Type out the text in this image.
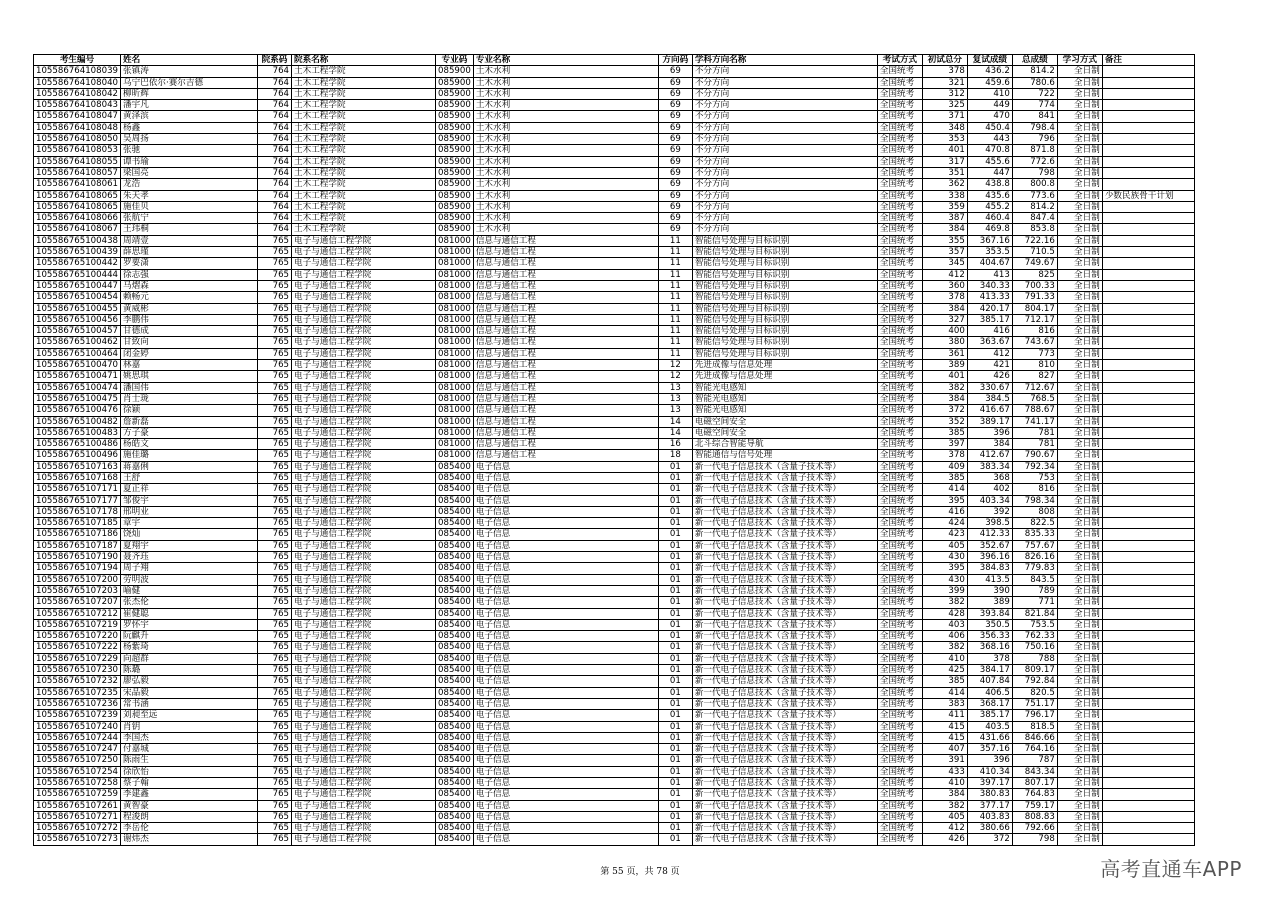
考生编号	姓名	院系码	院系名称	专业码	专业名称	方向码	学科方向名称	考试方式	初试总分	复试成绩	总成绩	学习方式	备注
105586764108039	张镇涛	764	土木工程学院	085900	土木水利	69	不分方向	全国统考	378	436.2	814.2	全日制	
105586764108040	乌宁巴依尔·赛尔吉德	764	土木工程学院	085900	土木水利	69	不分方向	全国统考	321	459.6	780.6	全日制	
105586764108042	柳昕辉	764	土木工程学院	085900	土木水利	69	不分方向	全国统考	312	410	722	全日制	
105586764108043	潘宇凡	764	土木工程学院	085900	土木水利	69	不分方向	全国统考	325	449	774	全日制	
105586764108047	黄泽滨	764	土木工程学院	085900	土木水利	69	不分方向	全国统考	371	470	841	全日制	
105586764108048	杨鑫	764	土木工程学院	085900	土木水利	69	不分方向	全国统考	348	450.4	798.4	全日制	
105586764108050	吴周扬	764	土木工程学院	085900	土木水利	69	不分方向	全国统考	353	443	796	全日制	
105586764108053	张驰	764	土木工程学院	085900	土木水利	69	不分方向	全国统考	401	470.8	871.8	全日制	
105586764108055	谭书瑜	764	土木工程学院	085900	土木水利	69	不分方向	全国统考	317	455.6	772.6	全日制	
105586764108057	梁国亮	764	土木工程学院	085900	土木水利	69	不分方向	全国统考	351	447	798	全日制	
105586764108061	龙浩	764	土木工程学院	085900	土木水利	69	不分方向	全国统考	362	438.8	800.8	全日制	
105586764108065	朱天孝	764	土木工程学院	085900	土木水利	69	不分方向	全国统考	338	435.6	773.6	全日制	少数民族骨干计划
105586764108065	施佳贝	764	土木工程学院	085900	土木水利	69	不分方向	全国统考	359	455.2	814.2	全日制	
105586764108066	张航宁	764	土木工程学院	085900	土木水利	69	不分方向	全国统考	387	460.4	847.4	全日制	
105586764108067	王玮桐	764	土木工程学院	085900	土木水利	69	不分方向	全国统考	384	469.8	853.8	全日制	
105586765100438	周靖壹	765	电子与通信工程学院	081000	信息与通信工程	11	智能信号处理与目标识别	全国统考	355	367.16	722.16	全日制	
105586765100439	薛思瑾	765	电子与通信工程学院	081000	信息与通信工程	11	智能信号处理与目标识别	全国统考	357	353.5	710.5	全日制	
105586765100442	罗要潇	765	电子与通信工程学院	081000	信息与通信工程	11	智能信号处理与目标识别	全国统考	345	404.67	749.67	全日制	
105586765100444	徐志强	765	电子与通信工程学院	081000	信息与通信工程	11	智能信号处理与目标识别	全国统考	412	413	825	全日制	
105586765100447	马熠森	765	电子与通信工程学院	081000	信息与通信工程	11	智能信号处理与目标识别	全国统考	360	340.33	700.33	全日制	
105586765100454	赖畅元	765	电子与通信工程学院	081000	信息与通信工程	11	智能信号处理与目标识别	全国统考	378	413.33	791.33	全日制	
105586765100455	黄威彬	765	电子与通信工程学院	081000	信息与通信工程	11	智能信号处理与目标识别	全国统考	384	420.17	804.17	全日制	
105586765100456	李鹏伟	765	电子与通信工程学院	081000	信息与通信工程	11	智能信号处理与目标识别	全国统考	327	385.17	712.17	全日制	
105586765100457	甘德成	765	电子与通信工程学院	081000	信息与通信工程	11	智能信号处理与目标识别	全国统考	400	416	816	全日制	
105586765100462	甘致向	765	电子与通信工程学院	081000	信息与通信工程	11	智能信号处理与目标识别	全国统考	380	363.67	743.67	全日制	
105586765100464	闭金婷	765	电子与通信工程学院	081000	信息与通信工程	11	智能信号处理与目标识别	全国统考	361	412	773	全日制	
105586765100470	林嘉	765	电子与通信工程学院	081000	信息与通信工程	12	先进成像与信息处理	全国统考	389	421	810	全日制	
105586765100471	姚思琪	765	电子与通信工程学院	081000	信息与通信工程	12	先进成像与信息处理	全国统考	401	426	827	全日制	
105586765100474	潘国伟	765	电子与通信工程学院	081000	信息与通信工程	13	智能光电感知	全国统考	382	330.67	712.67	全日制	
105586765100475	肖士珑	765	电子与通信工程学院	081000	信息与通信工程	13	智能光电感知	全国统考	384	384.5	768.5	全日制	
105586765100476	徐颖	765	电子与通信工程学院	081000	信息与通信工程	13	智能光电感知	全国统考	372	416.67	788.67	全日制	
105586765100482	詹新磊	765	电子与通信工程学院	081000	信息与通信工程	14	电磁空间安全	全国统考	352	389.17	741.17	全日制	
105586765100483	方子豪	765	电子与通信工程学院	081000	信息与通信工程	14	电磁空间安全	全国统考	385	396	781	全日制	
105586765100486	杨皓文	765	电子与通信工程学院	081000	信息与通信工程	16	北斗综合智能导航	全国统考	397	384	781	全日制	
105586765100496	施佳璐	765	电子与通信工程学院	081000	信息与通信工程	18	智能通信与信号处理	全国统考	378	412.67	790.67	全日制	
105586765107163	蒋嘉俐	765	电子与通信工程学院	085400	电子信息	01	新一代电子信息技术（含量子技术等）	全国统考	409	383.34	792.34	全日制	
105586765107168	王舒	765	电子与通信工程学院	085400	电子信息	01	新一代电子信息技术（含量子技术等）	全国统考	385	368	753	全日制	
105586765107171	夏正祥	765	电子与通信工程学院	085400	电子信息	01	新一代电子信息技术（含量子技术等）	全国统考	414	402	816	全日制	
105586765107177	邹俊宇	765	电子与通信工程学院	085400	电子信息	01	新一代电子信息技术（含量子技术等）	全国统考	395	403.34	798.34	全日制	
105586765107178	邢明业	765	电子与通信工程学院	085400	电子信息	01	新一代电子信息技术（含量子技术等）	全国统考	416	392	808	全日制	
105586765107185	章宇	765	电子与通信工程学院	085400	电子信息	01	新一代电子信息技术（含量子技术等）	全国统考	424	398.5	822.5	全日制	
105586765107186	饶灿	765	电子与通信工程学院	085400	电子信息	01	新一代电子信息技术（含量子技术等）	全国统考	423	412.33	835.33	全日制	
105586765107187	夏翔宇	765	电子与通信工程学院	085400	电子信息	01	新一代电子信息技术（含量子技术等）	全国统考	405	352.67	757.67	全日制	
105586765107190	聂齐珏	765	电子与通信工程学院	085400	电子信息	01	新一代电子信息技术（含量子技术等）	全国统考	430	396.16	826.16	全日制	
105586765107194	周子翔	765	电子与通信工程学院	085400	电子信息	01	新一代电子信息技术（含量子技术等）	全国统考	395	384.83	779.83	全日制	
105586765107200	劳明波	765	电子与通信工程学院	085400	电子信息	01	新一代电子信息技术（含量子技术等）	全国统考	430	413.5	843.5	全日制	
105586765107203	喻健	765	电子与通信工程学院	085400	电子信息	01	新一代电子信息技术（含量子技术等）	全国统考	399	390	789	全日制	
105586765107207	张杰伦	765	电子与通信工程学院	085400	电子信息	01	新一代电子信息技术（含量子技术等）	全国统考	382	389	771	全日制	
105586765107212	崔健聪	765	电子与通信工程学院	085400	电子信息	01	新一代电子信息技术（含量子技术等）	全国统考	428	393.84	821.84	全日制	
105586765107219	罗怀宇	765	电子与通信工程学院	085400	电子信息	01	新一代电子信息技术（含量子技术等）	全国统考	403	350.5	753.5	全日制	
105586765107220	阮麒升	765	电子与通信工程学院	085400	电子信息	01	新一代电子信息技术（含量子技术等）	全国统考	406	356.33	762.33	全日制	
105586765107222	杨紫琦	765	电子与通信工程学院	085400	电子信息	01	新一代电子信息技术（含量子技术等）	全国统考	382	368.16	750.16	全日制	
105586765107229	向超群	765	电子与通信工程学院	085400	电子信息	01	新一代电子信息技术（含量子技术等）	全国统考	410	378	788	全日制	
105586765107230	陈璐	765	电子与通信工程学院	085400	电子信息	01	新一代电子信息技术（含量子技术等）	全国统考	425	384.17	809.17	全日制	
105586765107232	廖弘毅	765	电子与通信工程学院	085400	电子信息	01	新一代电子信息技术（含量子技术等）	全国统考	385	407.84	792.84	全日制	
105586765107235	宋品毅	765	电子与通信工程学院	085400	电子信息	01	新一代电子信息技术（含量子技术等）	全国统考	414	406.5	820.5	全日制	
105586765107236	常书涵	765	电子与通信工程学院	085400	电子信息	01	新一代电子信息技术（含量子技术等）	全国统考	383	368.17	751.17	全日制	
105586765107239	刘昶至远	765	电子与通信工程学院	085400	电子信息	01	新一代电子信息技术（含量子技术等）	全国统考	411	385.17	796.17	全日制	
105586765107240	肖钥	765	电子与通信工程学院	085400	电子信息	01	新一代电子信息技术（含量子技术等）	全国统考	415	403.5	818.5	全日制	
105586765107244	李国杰	765	电子与通信工程学院	085400	电子信息	01	新一代电子信息技术（含量子技术等）	全国统考	415	431.66	846.66	全日制	
105586765107247	付嘉城	765	电子与通信工程学院	085400	电子信息	01	新一代电子信息技术（含量子技术等）	全国统考	407	357.16	764.16	全日制	
105586765107250	陈雨生	765	电子与通信工程学院	085400	电子信息	01	新一代电子信息技术（含量子技术等）	全国统考	391	396	787	全日制	
105586765107254	徐欣怡	765	电子与通信工程学院	085400	电子信息	01	新一代电子信息技术（含量子技术等）	全国统考	433	410.34	843.34	全日制	
105586765107258	蔡子翰	765	电子与通信工程学院	085400	电子信息	01	新一代电子信息技术（含量子技术等）	全国统考	410	397.17	807.17	全日制	
105586765107259	李建鑫	765	电子与通信工程学院	085400	电子信息	01	新一代电子信息技术（含量子技术等）	全国统考	384	380.83	764.83	全日制	
105586765107261	黄智豪	765	电子与通信工程学院	085400	电子信息	01	新一代电子信息技术（含量子技术等）	全国统考	382	377.17	759.17	全日制	
105586765107271	程浚朗	765	电子与通信工程学院	085400	电子信息	01	新一代电子信息技术（含量子技术等）	全国统考	405	403.83	808.83	全日制	
105586765107272	李岳伦	765	电子与通信工程学院	085400	电子信息	01	新一代电子信息技术（含量子技术等）	全国统考	412	380.66	792.66	全日制	
105586765107273	谢炜杰	765	电子与通信工程学院	085400	电子信息	01	新一代电子信息技术（含量子技术等）	全国统考	426	372	798	全日制	
第 55 页，共 78 页	高考直通车APP
